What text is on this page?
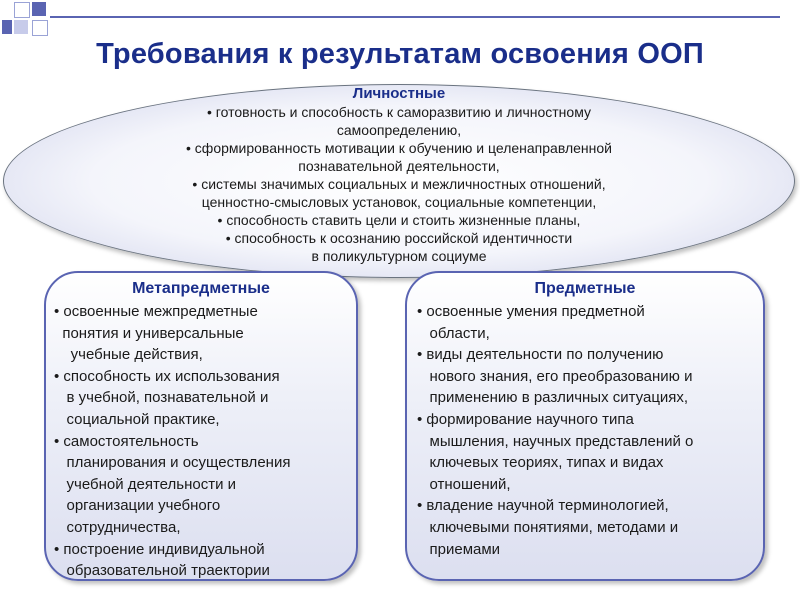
Требования к результатам освоения ООП
Личностные
• готовность и способность к саморазвитию и личностному
самоопределению,
• сформированность мотивации к обучению и целенаправленной
познавательной деятельности,
• системы значимых социальных и межличностных отношений,
ценностно-смысловых установок, социальные компетенции,
• способность ставить цели и стоить жизненные планы,
• способность к осознанию российской идентичности
в поликультурном социуме
Метапредметные
• освоенные межпредметные
понятия и универсальные
учебные действия,
• способность их использования
в учебной, познавательной и
социальной практике,
• самостоятельность
планирования и осуществления
учебной деятельности и
организации учебного
сотрудничества,
• построение индивидуальной
образовательной траектории
Предметные
• освоенные умения предметной
области,
• виды деятельности по получению
нового знания, его преобразованию и
применению в различных ситуациях,
• формирование научного типа
мышления, научных представлений о
ключевых теориях, типах и видах
отношений,
• владение научной терминологией,
ключевыми понятиями, методами и
приемами
